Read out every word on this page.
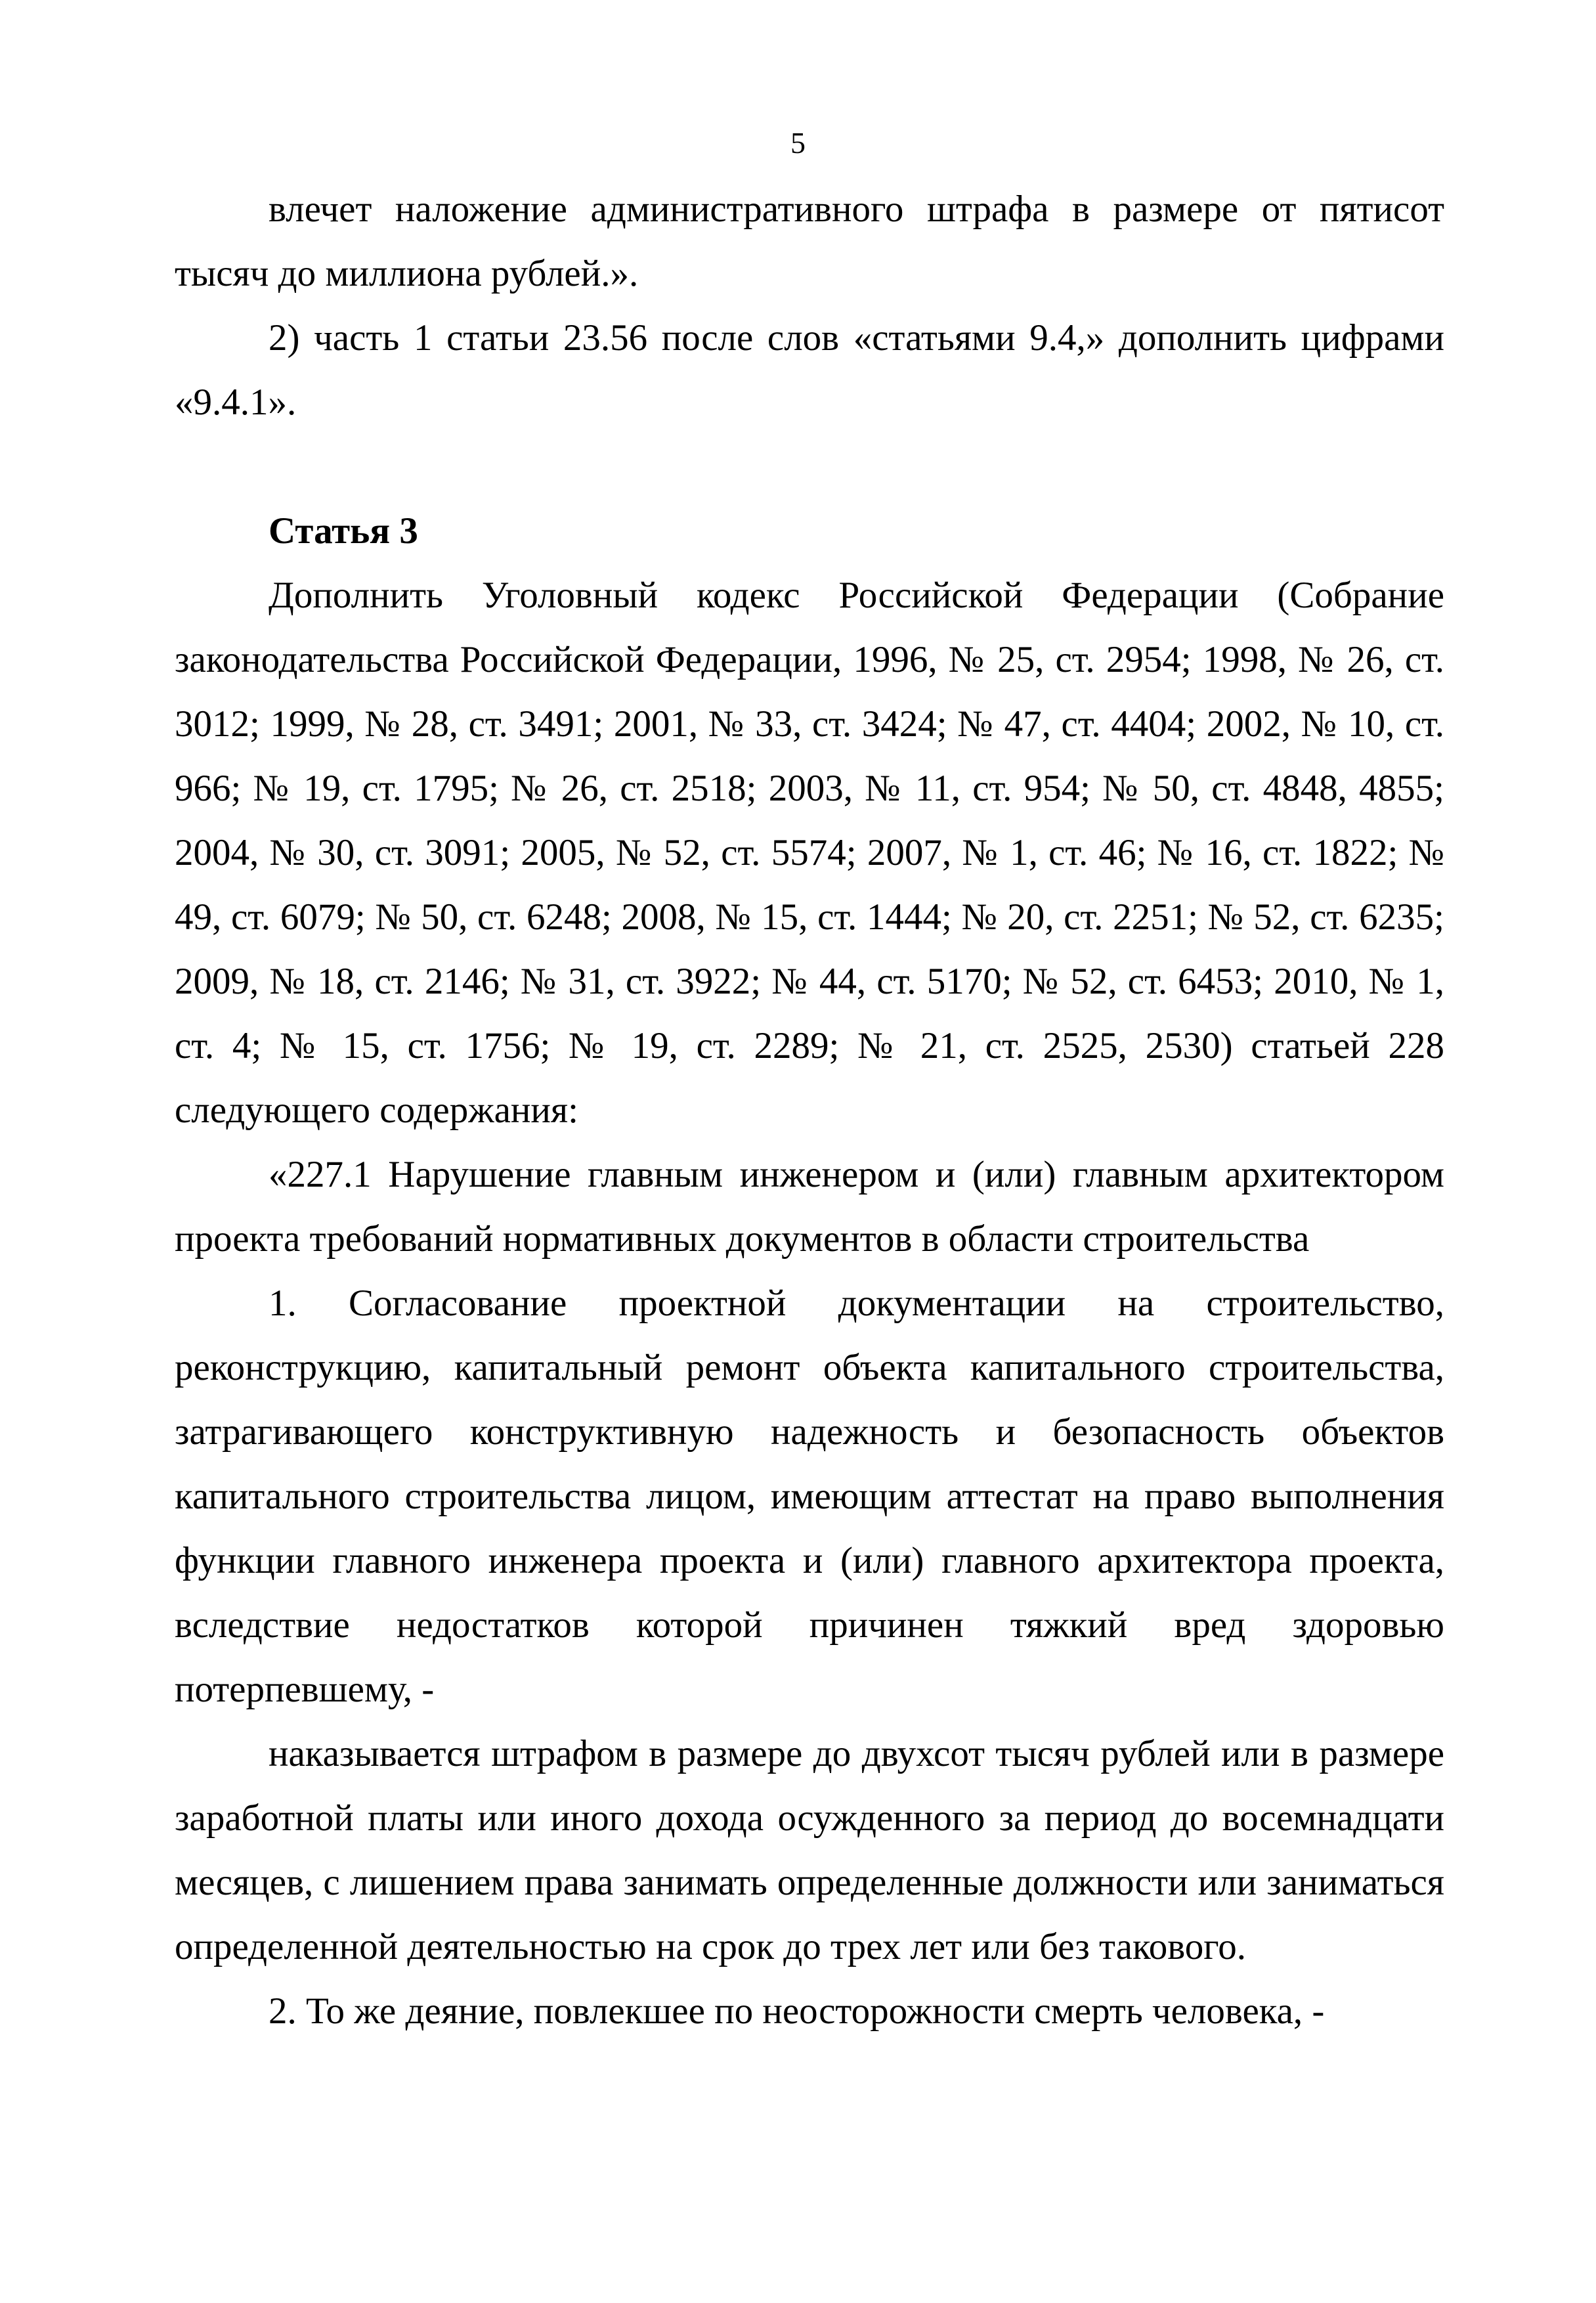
5

влечет наложение административного штрафа в размере от пятисот тысяч до миллиона рублей.».

2) часть 1 статьи 23.56 после слов «статьями 9.4,» дополнить цифрами «9.4.1».

Статья 3

Дополнить Уголовный кодекс Российской Федерации (Собрание законодательства Российской Федерации, 1996, № 25, ст. 2954; 1998, № 26, ст. 3012; 1999, № 28, ст. 3491; 2001, № 33, ст. 3424; № 47, ст. 4404; 2002, № 10, ст. 966; № 19, ст. 1795; № 26, ст. 2518; 2003, № 11, ст. 954; № 50, ст. 4848, 4855; 2004, № 30, ст. 3091; 2005, № 52, ст. 5574; 2007, № 1, ст. 46; № 16, ст. 1822; № 49, ст. 6079; № 50, ст. 6248; 2008, № 15, ст. 1444; № 20, ст. 2251; № 52, ст. 6235; 2009, № 18, ст. 2146; № 31, ст. 3922; № 44, ст. 5170; № 52, ст. 6453; 2010, № 1, ст. 4; № 15, ст. 1756; № 19, ст. 2289; № 21, ст. 2525, 2530) статьей 228 следующего содержания:

«227.1 Нарушение главным инженером и (или) главным архитектором проекта требований нормативных документов в области строительства

1. Согласование проектной документации на строительство, реконструкцию, капитальный ремонт объекта капитального строительства, затрагивающего конструктивную надежность и безопасность объектов капитального строительства лицом, имеющим аттестат на право выполнения функции главного инженера проекта и (или) главного архитектора проекта, вследствие недостатков которой причинен тяжкий вред здоровью потерпевшему, -

наказывается штрафом в размере до двухсот тысяч рублей или в размере заработной платы или иного дохода осужденного за период до восемнадцати месяцев, с лишением права занимать определенные должности или заниматься определенной деятельностью на срок до трех лет или без такового.

2. То же деяние, повлекшее по неосторожности смерть человека, -
